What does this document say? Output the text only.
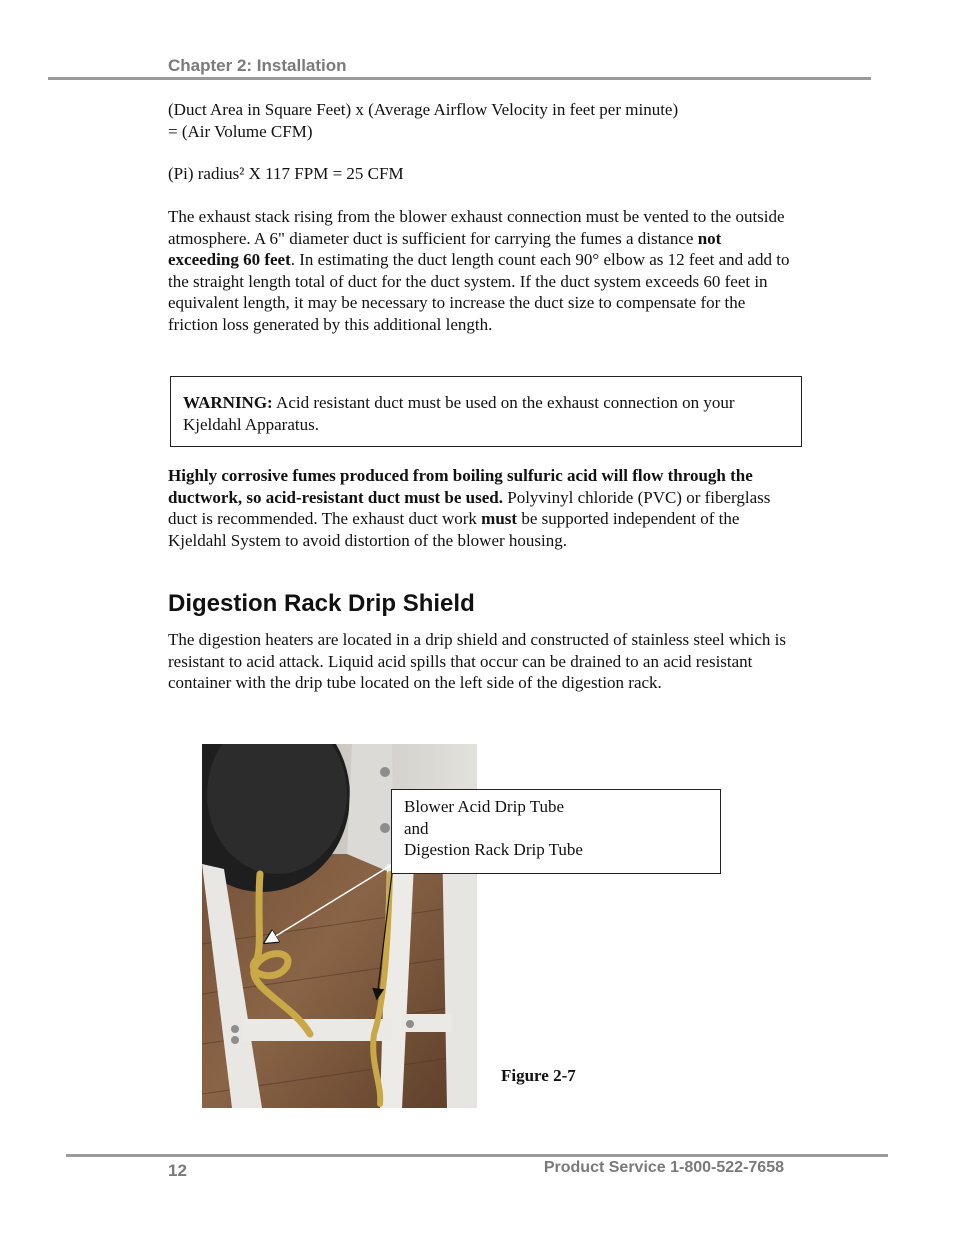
Chapter 2: Installation

(Duct Area in Square Feet) x (Average Airflow Velocity in feet per minute)
= (Air Volume CFM)

(Pi) radius² X 117 FPM = 25 CFM

The exhaust stack rising from the blower exhaust connection must be vented to the outside atmosphere. A 6" diameter duct is sufficient for carrying the fumes a distance not exceeding 60 feet. In estimating the duct length count each 90° elbow as 12 feet and add to the straight length total of duct for the duct system. If the duct system exceeds 60 feet in equivalent length, it may be necessary to increase the duct size to compensate for the friction loss generated by this additional length.

WARNING: Acid resistant duct must be used on the exhaust connection on your Kjeldahl Apparatus.

Highly corrosive fumes produced from boiling sulfuric acid will flow through the ductwork, so acid-resistant duct must be used. Polyvinyl chloride (PVC) or fiberglass duct is recommended. The exhaust duct work must be supported independent of the Kjeldahl System to avoid distortion of the blower housing.

Digestion Rack Drip Shield

The digestion heaters are located in a drip shield and constructed of stainless steel which is resistant to acid attack. Liquid acid spills that occur can be drained to an acid resistant container with the drip tube located on the left side of the digestion rack.

Blower Acid Drip Tube
and
Digestion Rack Drip Tube
Figure 2-7
12	Product Service 1-800-522-7658
